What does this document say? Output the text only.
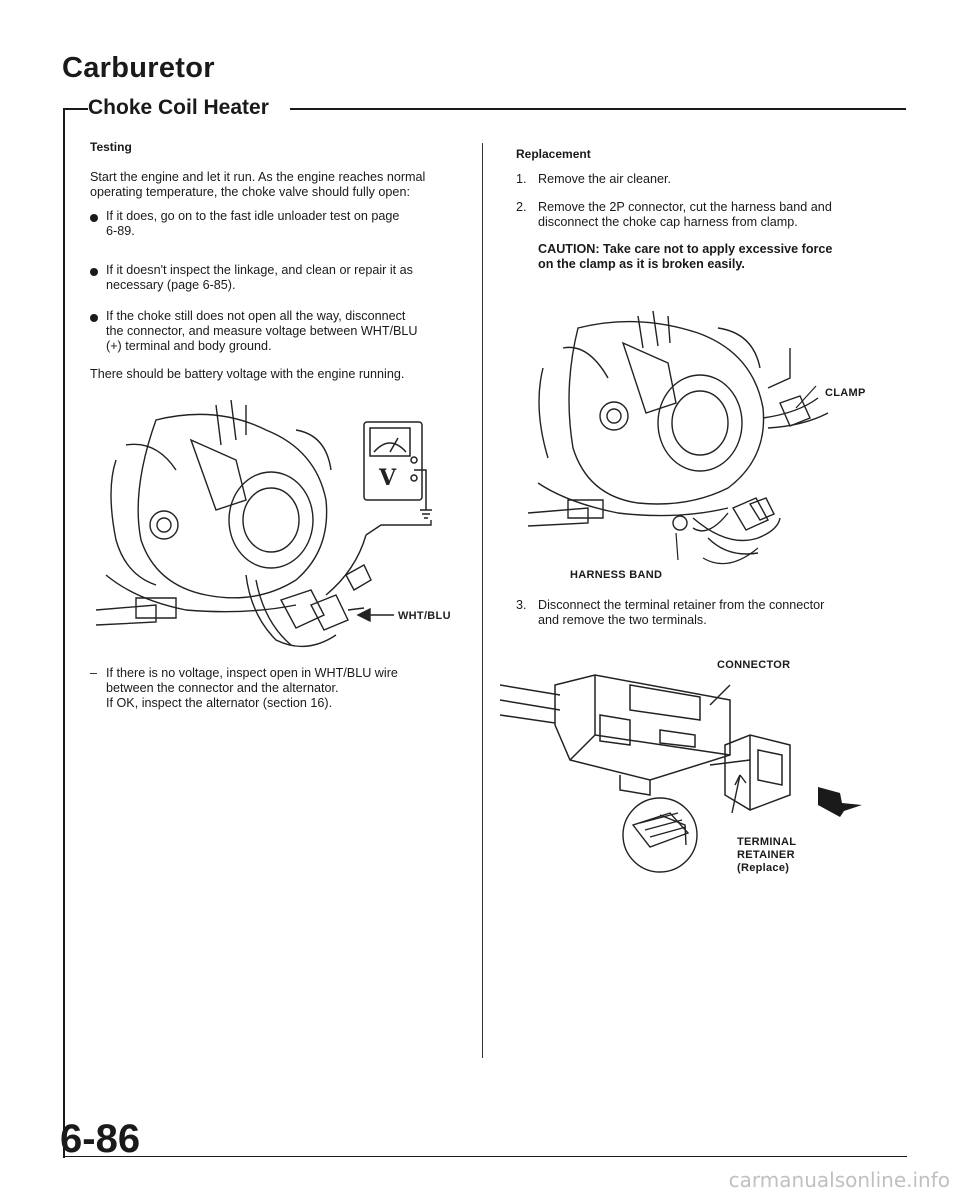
Carburetor
Choke Coil Heater
Testing
Start the engine and let it run. As the engine reaches normal
operating temperature, the choke valve should fully open:
If it does, go on to the fast idle unloader test on page
6-89.
If it doesn't inspect the linkage, and clean or repair it as
necessary (page 6-85).
If the choke still does not open all the way, disconnect
the connector, and measure voltage between WHT/BLU
(+) terminal and body ground.
There should be battery voltage with the engine running.
V
WHT/BLU
– If there is no voltage, inspect open in WHT/BLU wire
between the connector and the alternator.
If OK, inspect the alternator (section 16).
Replacement
1. Remove the air cleaner.
2. Remove the 2P connector, cut the harness band and
disconnect the choke cap harness from clamp.
CAUTION: Take care not to apply excessive force
on the clamp as it is broken easily.
CLAMP
HARNESS BAND
3. Disconnect the terminal retainer from the connector
and remove the two terminals.
CONNECTOR
TERMINAL
RETAINER
(Replace)
6-86
carmanualsonline.info
